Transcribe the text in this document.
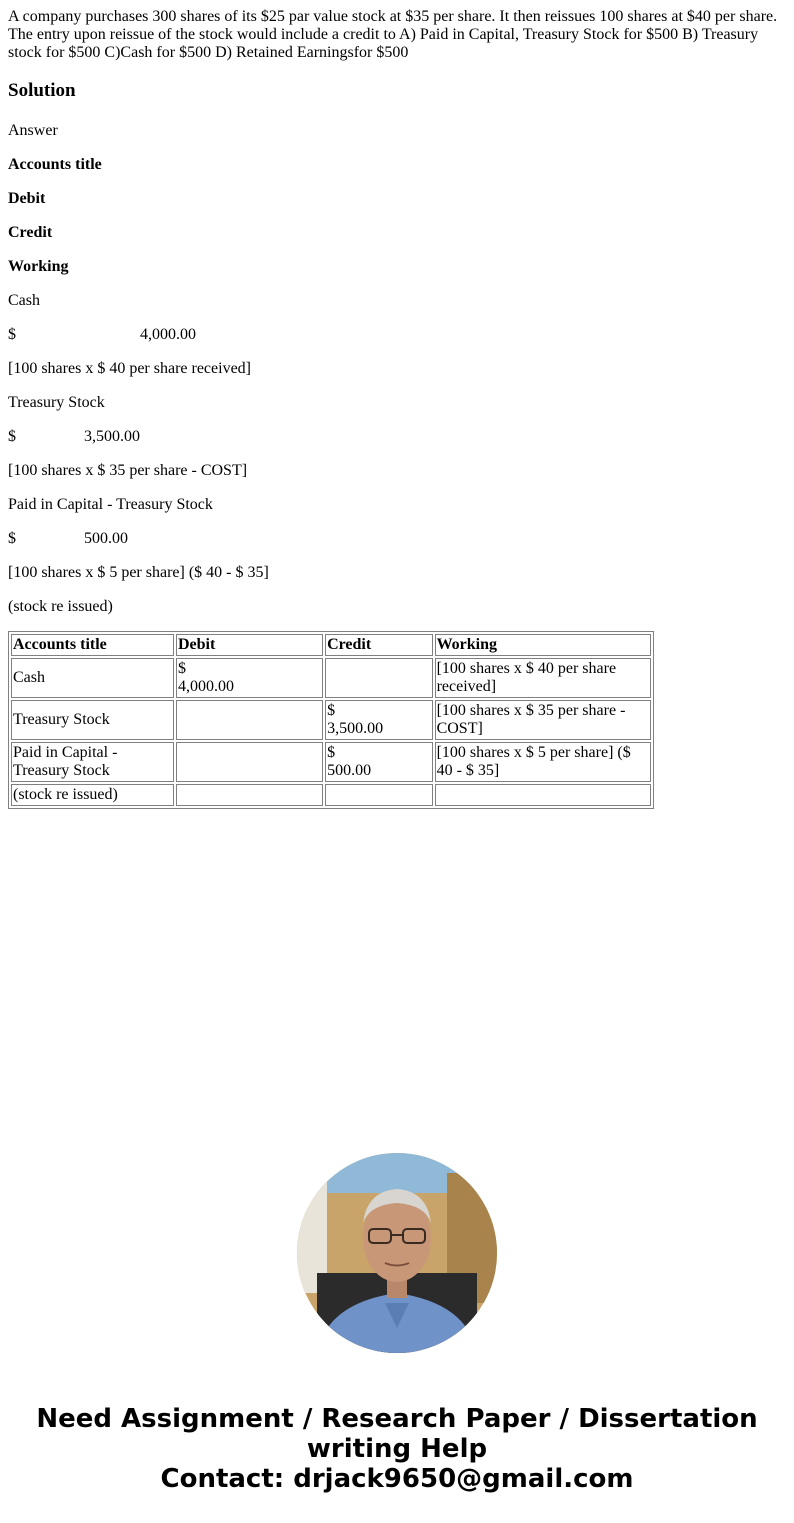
A company purchases 300 shares of its $25 par value stock at $35 per share. It then reissues 100 shares at $40 per share. The entry upon reissue of the stock would include a credit to A) Paid in Capital, Treasury Stock for $500 B) Treasury stock for $500 C)Cash for $500 D) Retained Earningsfor $500

Solution

Answer

Accounts title

Debit

Credit

Working

Cash

$                               4,000.00

[100 shares x $ 40 per share received]

Treasury Stock

$                 3,500.00

[100 shares x $ 35 per share - COST]

Paid in Capital - Treasury Stock

$                 500.00

[100 shares x $ 5 per share] ($ 40 - $ 35]

(stock re issued)

Accounts title	Debit	Credit	Working
Cash	$
4,000.00		[100 shares x $ 40 per share received]
Treasury Stock		$
3,500.00	[100 shares x $ 35 per share - COST]
Paid in Capital - Treasury Stock		$
500.00	[100 shares x $ 5 per share] ($ 40 - $ 35]
(stock re issued)			
Need Assignment / Research Paper / Dissertation
writing Help
Contact: drjack9650@gmail.com
